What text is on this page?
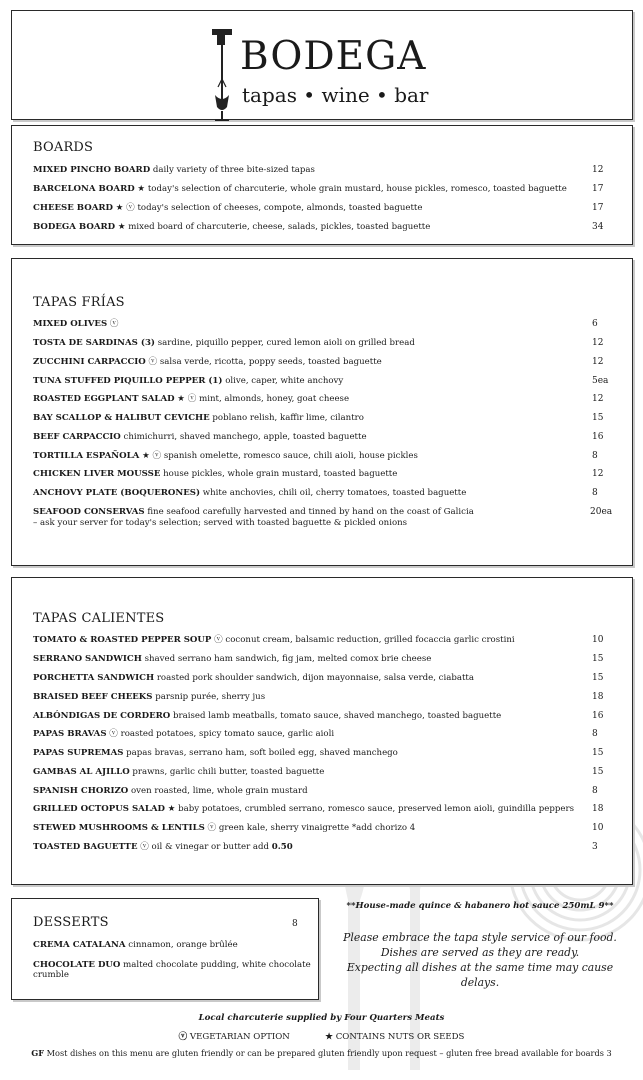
BODEGA
tapas • wine • bar
BOARDS
MIXED PINCHO BOARD daily variety of three bite-sized tapas	12
BARCELONA BOARD ★ today's selection of charcuterie, whole grain mustard, house pickles, romesco, toasted baguette	17
CHEESE BOARD ★ ⓥ today's selection of cheeses, compote, almonds, toasted baguette	17
BODEGA BOARD ★ mixed board of charcuterie, cheese, salads, pickles, toasted baguette	34
TAPAS FRÍAS
MIXED OLIVES ⓥ	6
TOSTA DE SARDINAS (3) sardine, piquillo pepper, cured lemon aioli on grilled bread	12
ZUCCHINI CARPACCIO ⓥ salsa verde, ricotta, poppy seeds, toasted baguette	12
TUNA STUFFED PIQUILLO PEPPER (1) olive, caper, white anchovy	5ea
ROASTED EGGPLANT SALAD ★ ⓥ mint, almonds, honey, goat cheese	12
BAY SCALLOP & HALIBUT CEVICHE poblano relish, kaffir lime, cilantro	15
BEEF CARPACCIO chimichurri, shaved manchego, apple, toasted baguette	16
TORTILLA ESPAÑOLA ★ ⓥ spanish omelette, romesco sauce, chili aioli, house pickles	8
CHICKEN LIVER MOUSSE house pickles, whole grain mustard, toasted baguette	12
ANCHOVY PLATE (BOQUERONES) white anchovies, chili oil, cherry tomatoes, toasted baguette	8
SEAFOOD CONSERVAS fine seafood carefully harvested and tinned by hand on the coast of Galicia
– ask your server for today's selection; served with toasted baguette & pickled onions
20ea
TAPAS CALIENTES
TOMATO & ROASTED PEPPER SOUP ⓥ coconut cream, balsamic reduction, grilled focaccia garlic crostini	10
SERRANO SANDWICH shaved serrano ham sandwich, fig jam, melted comox brie cheese	15
PORCHETTA SANDWICH roasted pork shoulder sandwich, dijon mayonnaise, salsa verde, ciabatta	15
BRAISED BEEF CHEEKS parsnip purée, sherry jus	18
ALBÓNDIGAS DE CORDERO braised lamb meatballs, tomato sauce, shaved manchego, toasted baguette	16
PAPAS BRAVAS ⓥ roasted potatoes, spicy tomato sauce, garlic aioli	8
PAPAS SUPREMAS papas bravas, serrano ham, soft boiled egg, shaved manchego	15
GAMBAS AL AJILLO prawns, garlic chili butter, toasted baguette	15
SPANISH CHORIZO oven roasted, lime, whole grain mustard	8
GRILLED OCTOPUS SALAD ★ baby potatoes, crumbled serrano, romesco sauce, preserved lemon aioli, guindilla peppers 18
STEWED MUSHROOMS & LENTILS ⓥ green kale, sherry vinaigrette *add chorizo 4	10
TOASTED BAGUETTE ⓥ oil & vinegar or butter add 0.50	3
DESSERTS	8
CREMA CATALANA cinnamon, orange brûlée
CHOCOLATE DUO malted chocolate pudding, white chocolate
crumble
**House-made quince & habanero hot sauce 250mL 9**
Please embrace the tapa style service of our food.
Dishes are served as they are ready.
Expecting all dishes at the same time may cause
delays.
Local charcuterie supplied by Four Quarters Meats
ⓥ VEGETARIAN OPTION	★ CONTAINS NUTS OR SEEDS
GF Most dishes on this menu are gluten friendly or can be prepared gluten friendly upon request – gluten free bread available for boards 3
